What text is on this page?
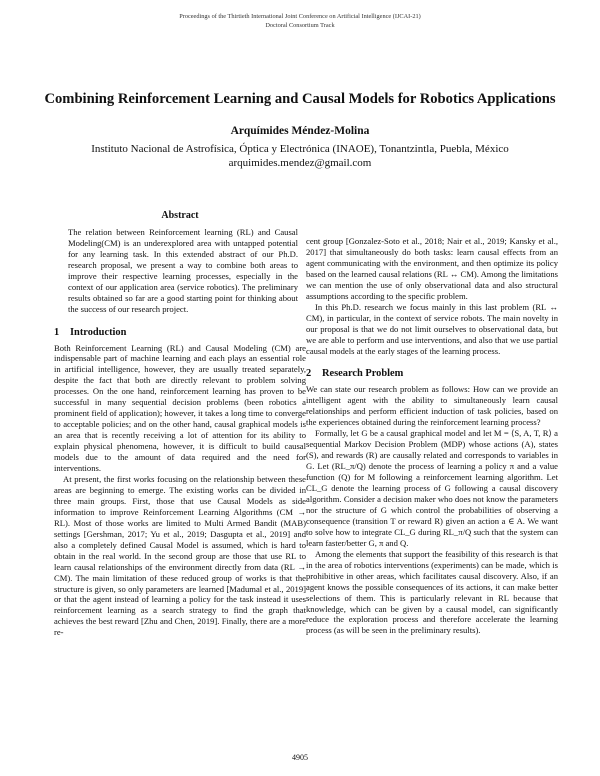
Proceedings of the Thirtieth International Joint Conference on Artificial Intelligence (IJCAI-21)
Doctoral Consortium Track
Combining Reinforcement Learning and Causal Models for Robotics Applications
Arquímides Méndez-Molina
Instituto Nacional de Astrofísica, Óptica y Electrónica (INAOE), Tonantzintla, Puebla, México
arquimides.mendez@gmail.com
Abstract

The relation between Reinforcement learning (RL) and Causal Modeling(CM) is an underexplored area with untapped potential for any learning task. In this extended abstract of our Ph.D. research proposal, we present a way to combine both areas to improve their respective learning processes, especially in the context of our application area (service robotics). The preliminary results obtained so far are a good starting point for thinking about the success of our research project.

1 Introduction

Both Reinforcement Learning (RL) and Causal Modeling (CM) are indispensable part of machine learning and each plays an essential role in artificial intelligence, however, they are usually treated separately, despite the fact that both are directly relevant to problem solving processes. On the one hand, reinforcement learning has proven to be successful in many sequential decision problems (been robotics a prominent field of application); however, it takes a long time to converge to acceptable policies; and on the other hand, causal graphical models is an area that is recently receiving a lot of attention for its ability to explain physical phenomena, however, it is difficult to build causal models due to the amount of data required and the need for interventions.

At present, the first works focusing on the relationship between these areas are beginning to emerge. The existing works can be divided in three main groups. First, those that use Causal Models as side information to improve Reinforcement Learning Algorithms (CM → RL). Most of those works are limited to Multi Armed Bandit (MAB) settings [Gershman, 2017; Yu et al., 2019; Dasgupta et al., 2019] and also a completely defined Causal Model is assumed, which is hard to obtain in the real world. In the second group are those that use RL to learn causal relationships of the environment directly from data (RL → CM). The main limitation of these reduced group of works is that the structure is given, so only parameters are learned [Madumal et al., 2019] or that the agent instead of learning a policy for the task instead it uses reinforcement learning as a search strategy to find the graph that achieves the best reward [Zhu and Chen, 2019]. Finally, there are a more re-

cent group [Gonzalez-Soto et al., 2018; Nair et al., 2019; Kansky et al., 2017] that simultaneously do both tasks: learn causal effects from an agent communicating with the environment, and then optimize its policy based on the learned causal relations (RL ↔ CM). Among the limitations we can mention the use of only observational data and also structural assumptions according to the specific problem.

In this Ph.D. research we focus mainly in this last problem (RL ↔ CM), in particular, in the context of service robots. The main novelty in our proposal is that we do not limit ourselves to observational data, but we are able to perform and use interventions, and also that we use partial causal models at the early stages of the learning process.

2 Research Problem

We can state our research problem as follows: How can we provide an intelligent agent with the ability to simultaneously learn causal relationships and perform efficient induction of task policies, based on the experiences obtained during the reinforcement learning process?

Formally, let G be a causal graphical model and let M = ⟨S, A, T, R⟩ a sequential Markov Decision Problem (MDP) whose actions (A), states (S), and rewards (R) are causally related and corresponds to variables in G. Let (RL_π/Q) denote the process of learning a policy π and a value function (Q) for M following a reinforcement learning algorithm. Let CL_G denote the learning process of G following a causal discovery algorithm. Consider a decision maker who does not know the parameters nor the structure of G which control the probabilities of observing a consequence (transition T or reward R) given an action a ∈ A. We want to solve how to integrate CL_G during RL_π/Q such that the system can learn faster/better G, π and Q.

Among the elements that support the feasibility of this research is that in the area of robotics interventions (experiments) can be made, which is prohibitive in other areas, which facilitates causal discovery. Also, if an agent knows the possible consequences of its actions, it can make better selections of them. This is particularly relevant in RL because that knowledge, which can be given by a causal model, can significantly reduce the exploration process and therefore accelerate the learning process (as will be seen in the preliminary results).

4905
